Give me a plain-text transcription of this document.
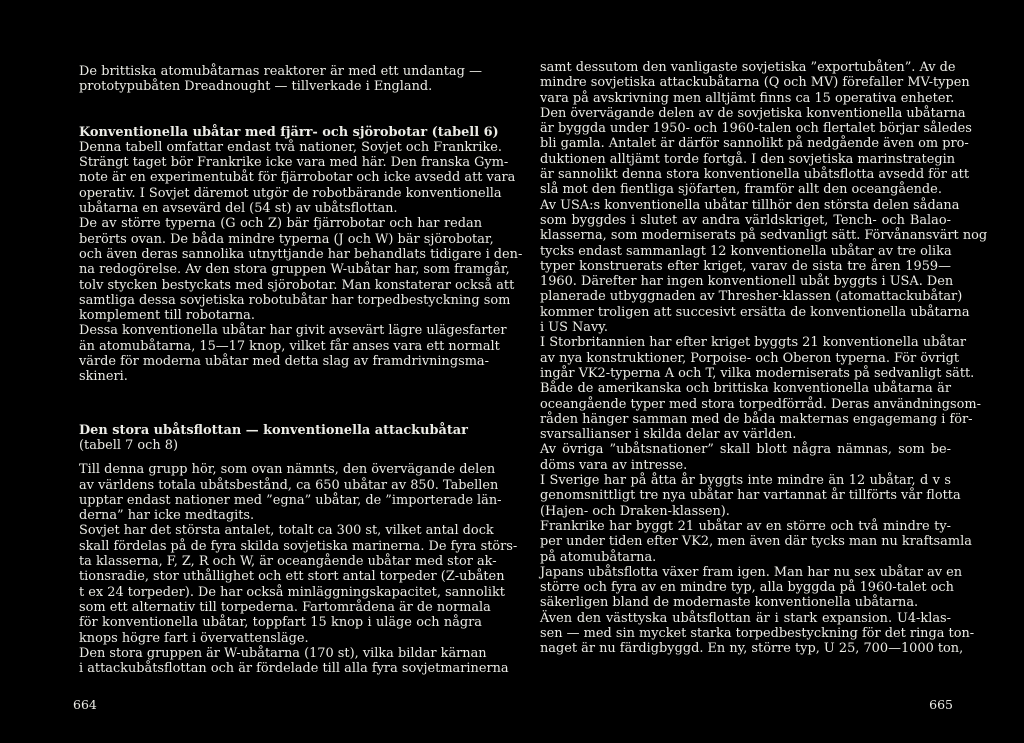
De brittiska atomubåtarnas reaktorer är med ett undantag —
prototypubåten Dreadnought — tillverkade i England.
Konventionella ubåtar med fjärr- och sjörobotar (tabell 6)
Denna tabell omfattar endast två nationer, Sovjet och Frankrike.
Strängt taget bör Frankrike icke vara med här. Den franska Gym-
note är en experimentubåt för fjärrobotar och icke avsedd att vara
operativ. I Sovjet däremot utgör de robotbärande konventionella
ubåtarna en avsevärd del (54 st) av ubåtsflottan.
De av större typerna (G och Z) bär fjärrobotar och har redan
berörts ovan. De båda mindre typerna (J och W) bär sjörobotar,
och även deras sannolika utnyttjande har behandlats tidigare i den-
na redogörelse. Av den stora gruppen W-ubåtar har, som framgår,
tolv stycken bestyckats med sjörobotar. Man konstaterar också att
samtliga dessa sovjetiska robotubåtar har torpedbestyckning som
komplement till robotarna.
Dessa konventionella ubåtar har givit avsevärt lägre ulägesfarter
än atomubåtarna, 15—17 knop, vilket får anses vara ett normalt
värde för moderna ubåtar med detta slag av framdrivningsma-
skineri.
Den stora ubåtsflottan — konventionella attackubåtar
(tabell 7 och 8)
Till denna grupp hör, som ovan nämnts, den övervägande delen
av världens totala ubåtsbestånd, ca 650 ubåtar av 850. Tabellen
upptar endast nationer med ”egna” ubåtar, de ”importerade län-
derna” har icke medtagits.
Sovjet har det största antalet, totalt ca 300 st, vilket antal dock
skall fördelas på de fyra skilda sovjetiska marinerna. De fyra störs-
ta klasserna, F, Z, R och W, är oceangående ubåtar med stor ak-
tionsradie, stor uthållighet och ett stort antal torpeder (Z-ubåten
t ex 24 torpeder). De har också minläggningskapacitet, sannolikt
som ett alternativ till torpederna. Fartområdena är de normala
för konventionella ubåtar, toppfart 15 knop i uläge och några
knops högre fart i övervattensläge.
Den stora gruppen är W-ubåtarna (170 st), vilka bildar kärnan
i attackubåtsflottan och är fördelade till alla fyra sovjetmarinerna
664
samt dessutom den vanligaste sovjetiska ”exportubåten”. Av de
mindre sovjetiska attackubåtarna (Q och MV) förefaller MV-typen
vara på avskrivning men alltjämt finns ca 15 operativa enheter.
Den övervägande delen av de sovjetiska konventionella ubåtarna
är byggda under 1950- och 1960-talen och flertalet börjar således
bli gamla. Antalet är därför sannolikt på nedgående även om pro-
duktionen alltjämt torde fortgå. I den sovjetiska marinstrategin
är sannolikt denna stora konventionella ubåtsflotta avsedd för att
slå mot den fientliga sjöfarten, framför allt den oceangående.
Av USA:s konventionella ubåtar tillhör den största delen sådana
som byggdes i slutet av andra världskriget, Tench- och Balao-
klasserna, som moderniserats på sedvanligt sätt. Förvånansvärt nog
tycks endast sammanlagt 12 konventionella ubåtar av tre olika
typer konstruerats efter kriget, varav de sista tre åren 1959—
1960. Därefter har ingen konventionell ubåt byggts i USA. Den
planerade utbyggnaden av Thresher-klassen (atomattackubåtar)
kommer troligen att succesivt ersätta de konventionella ubåtarna
i US Navy.
I Storbritannien har efter kriget byggts 21 konventionella ubåtar
av nya konstruktioner, Porpoise- och Oberon typerna. För övrigt
ingår VK2-typerna A och T, vilka moderniserats på sedvanligt sätt.
Både de amerikanska och brittiska konventionella ubåtarna är
oceangående typer med stora torpedförråd. Deras användningsom-
råden hänger samman med de båda makternas engagemang i för-
svarsallianser i skilda delar av världen.
Av övriga ”ubåtsnationer” skall blott några nämnas, som be-
döms vara av intresse.
I Sverige har på åtta år byggts inte mindre än 12 ubåtar, d v s
genomsnittligt tre nya ubåtar har vartannat år tillförts vår flotta
(Hajen- och Draken-klassen).
Frankrike har byggt 21 ubåtar av en större och två mindre ty-
per under tiden efter VK2, men även där tycks man nu kraftsamla
på atomubåtarna.
Japans ubåtsflotta växer fram igen. Man har nu sex ubåtar av en
större och fyra av en mindre typ, alla byggda på 1960-talet och
säkerligen bland de modernaste konventionella ubåtarna.
Även den västtyska ubåtsflottan är i stark expansion. U4-klas-
sen — med sin mycket starka torpedbestyckning för det ringa ton-
naget är nu färdigbyggd. En ny, större typ, U 25, 700—1000 ton,
665
